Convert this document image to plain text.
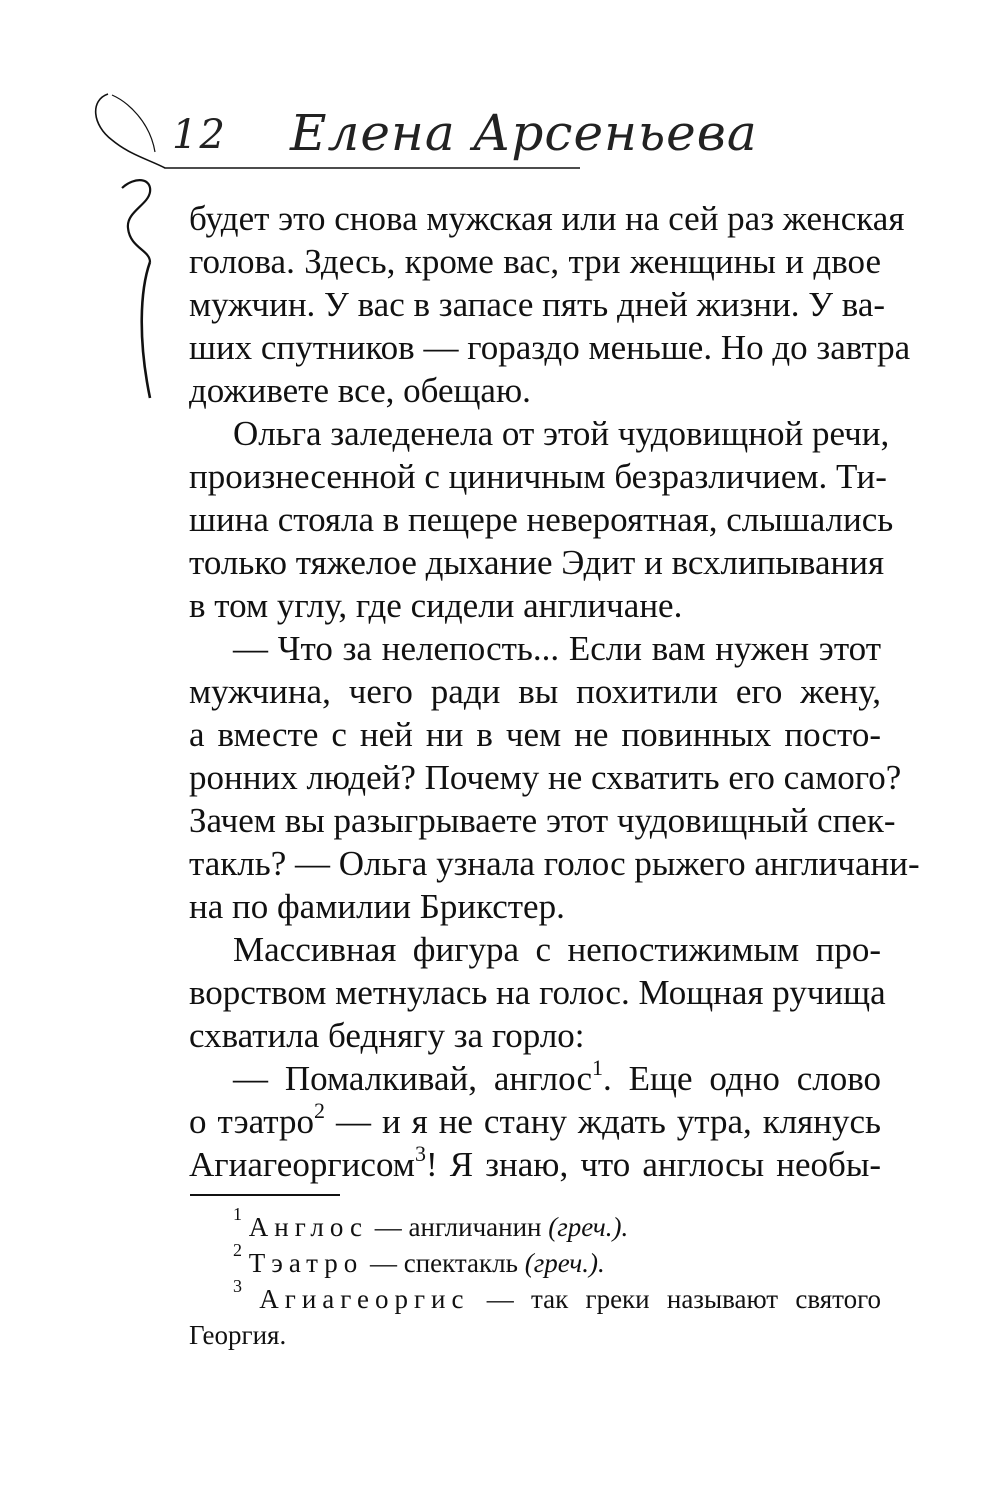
12 Елена Арсеньева
будет это снова мужская или на сей раз женская
голова. Здесь, кроме вас, три женщины и двое
мужчин. У вас в запасе пять дней жизни. У ва-
ших спутников — гораздо меньше. Но до завтра
доживете все, обещаю.
Ольга заледенела от этой чудовищной речи,
произнесенной с циничным безразличием. Ти-
шина стояла в пещере невероятная, слышались
только тяжелое дыхание Эдит и всхлипывания
в том углу, где сидели англичане.
— Что за нелепость... Если вам нужен этот
мужчина, чего ради вы похитили его жену,
а вместе с ней ни в чем не повинных посто-
ронних людей? Почему не схватить его самого?
Зачем вы разыгрываете этот чудовищный спек-
такль? — Ольга узнала голос рыжего англичани-
на по фамилии Брикстер.
Массивная фигура с непостижимым про-
ворством метнулась на голос. Мощная ручища
схватила беднягу за горло:
— Помалкивай, англос$^1$. Еще одно слово
о тэатро$^2$ — и я не стану ждать утра, клянусь
Агиагеоргисом$^3$! Я знаю, что англосы необы-
$^1$ Англос — англичанин (греч.).
$^2$ Тэатро — спектакль (греч.).
$^3$ Агиагеоргис — так греки называют святого
Георгия.
